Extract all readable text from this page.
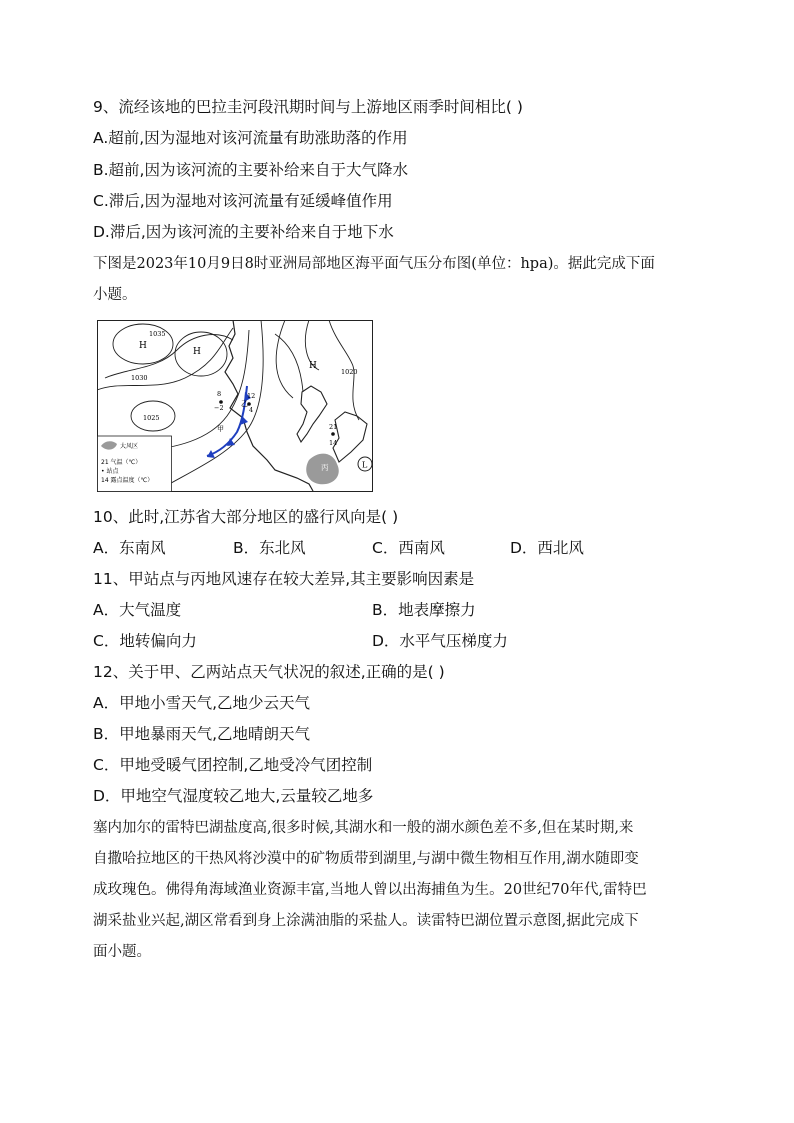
9、流经该地的巴拉圭河段汛期时间与上游地区雨季时间相比( )
A.超前,因为湿地对该河流量有助涨助落的作用
B.超前,因为该河流的主要补给来自于大气降水
C.滞后,因为湿地对该河流量有延缓峰值作用
D.滞后,因为该河流的主要补给来自于地下水
下图是2023年10月9日8时亚洲局部地区海平面气压分布图(单位：hpa)。据此完成下面
小题。
H
H
H
L
1035
1030
1025
1020
8
−2
甲
12
4
乙
21
14
丙
大风区
21 气温（℃）
• 站点
14 露点温度（℃）
10、此时,江苏省大部分地区的盛行风向是( )
A．东南风	B．东北风	C．西南风	D．西北风
11、甲站点与丙地风速存在较大差异,其主要影响因素是
A．大气温度	B．地表摩擦力
C．地转偏向力	D．水平气压梯度力
12、关于甲、乙两站点天气状况的叙述,正确的是( )
A．甲地小雪天气,乙地少云天气
B．甲地暴雨天气,乙地晴朗天气
C．甲地受暖气团控制,乙地受冷气团控制
D．甲地空气湿度较乙地大,云量较乙地多
塞内加尔的雷特巴湖盐度高,很多时候,其湖水和一般的湖水颜色差不多,但在某时期,来
自撒哈拉地区的干热风将沙漠中的矿物质带到湖里,与湖中微生物相互作用,湖水随即变
成玫瑰色。佛得角海域渔业资源丰富,当地人曾以出海捕鱼为生。20世纪70年代,雷特巴
湖采盐业兴起,湖区常看到身上涂满油脂的采盐人。读雷特巴湖位置示意图,据此完成下
面小题。
